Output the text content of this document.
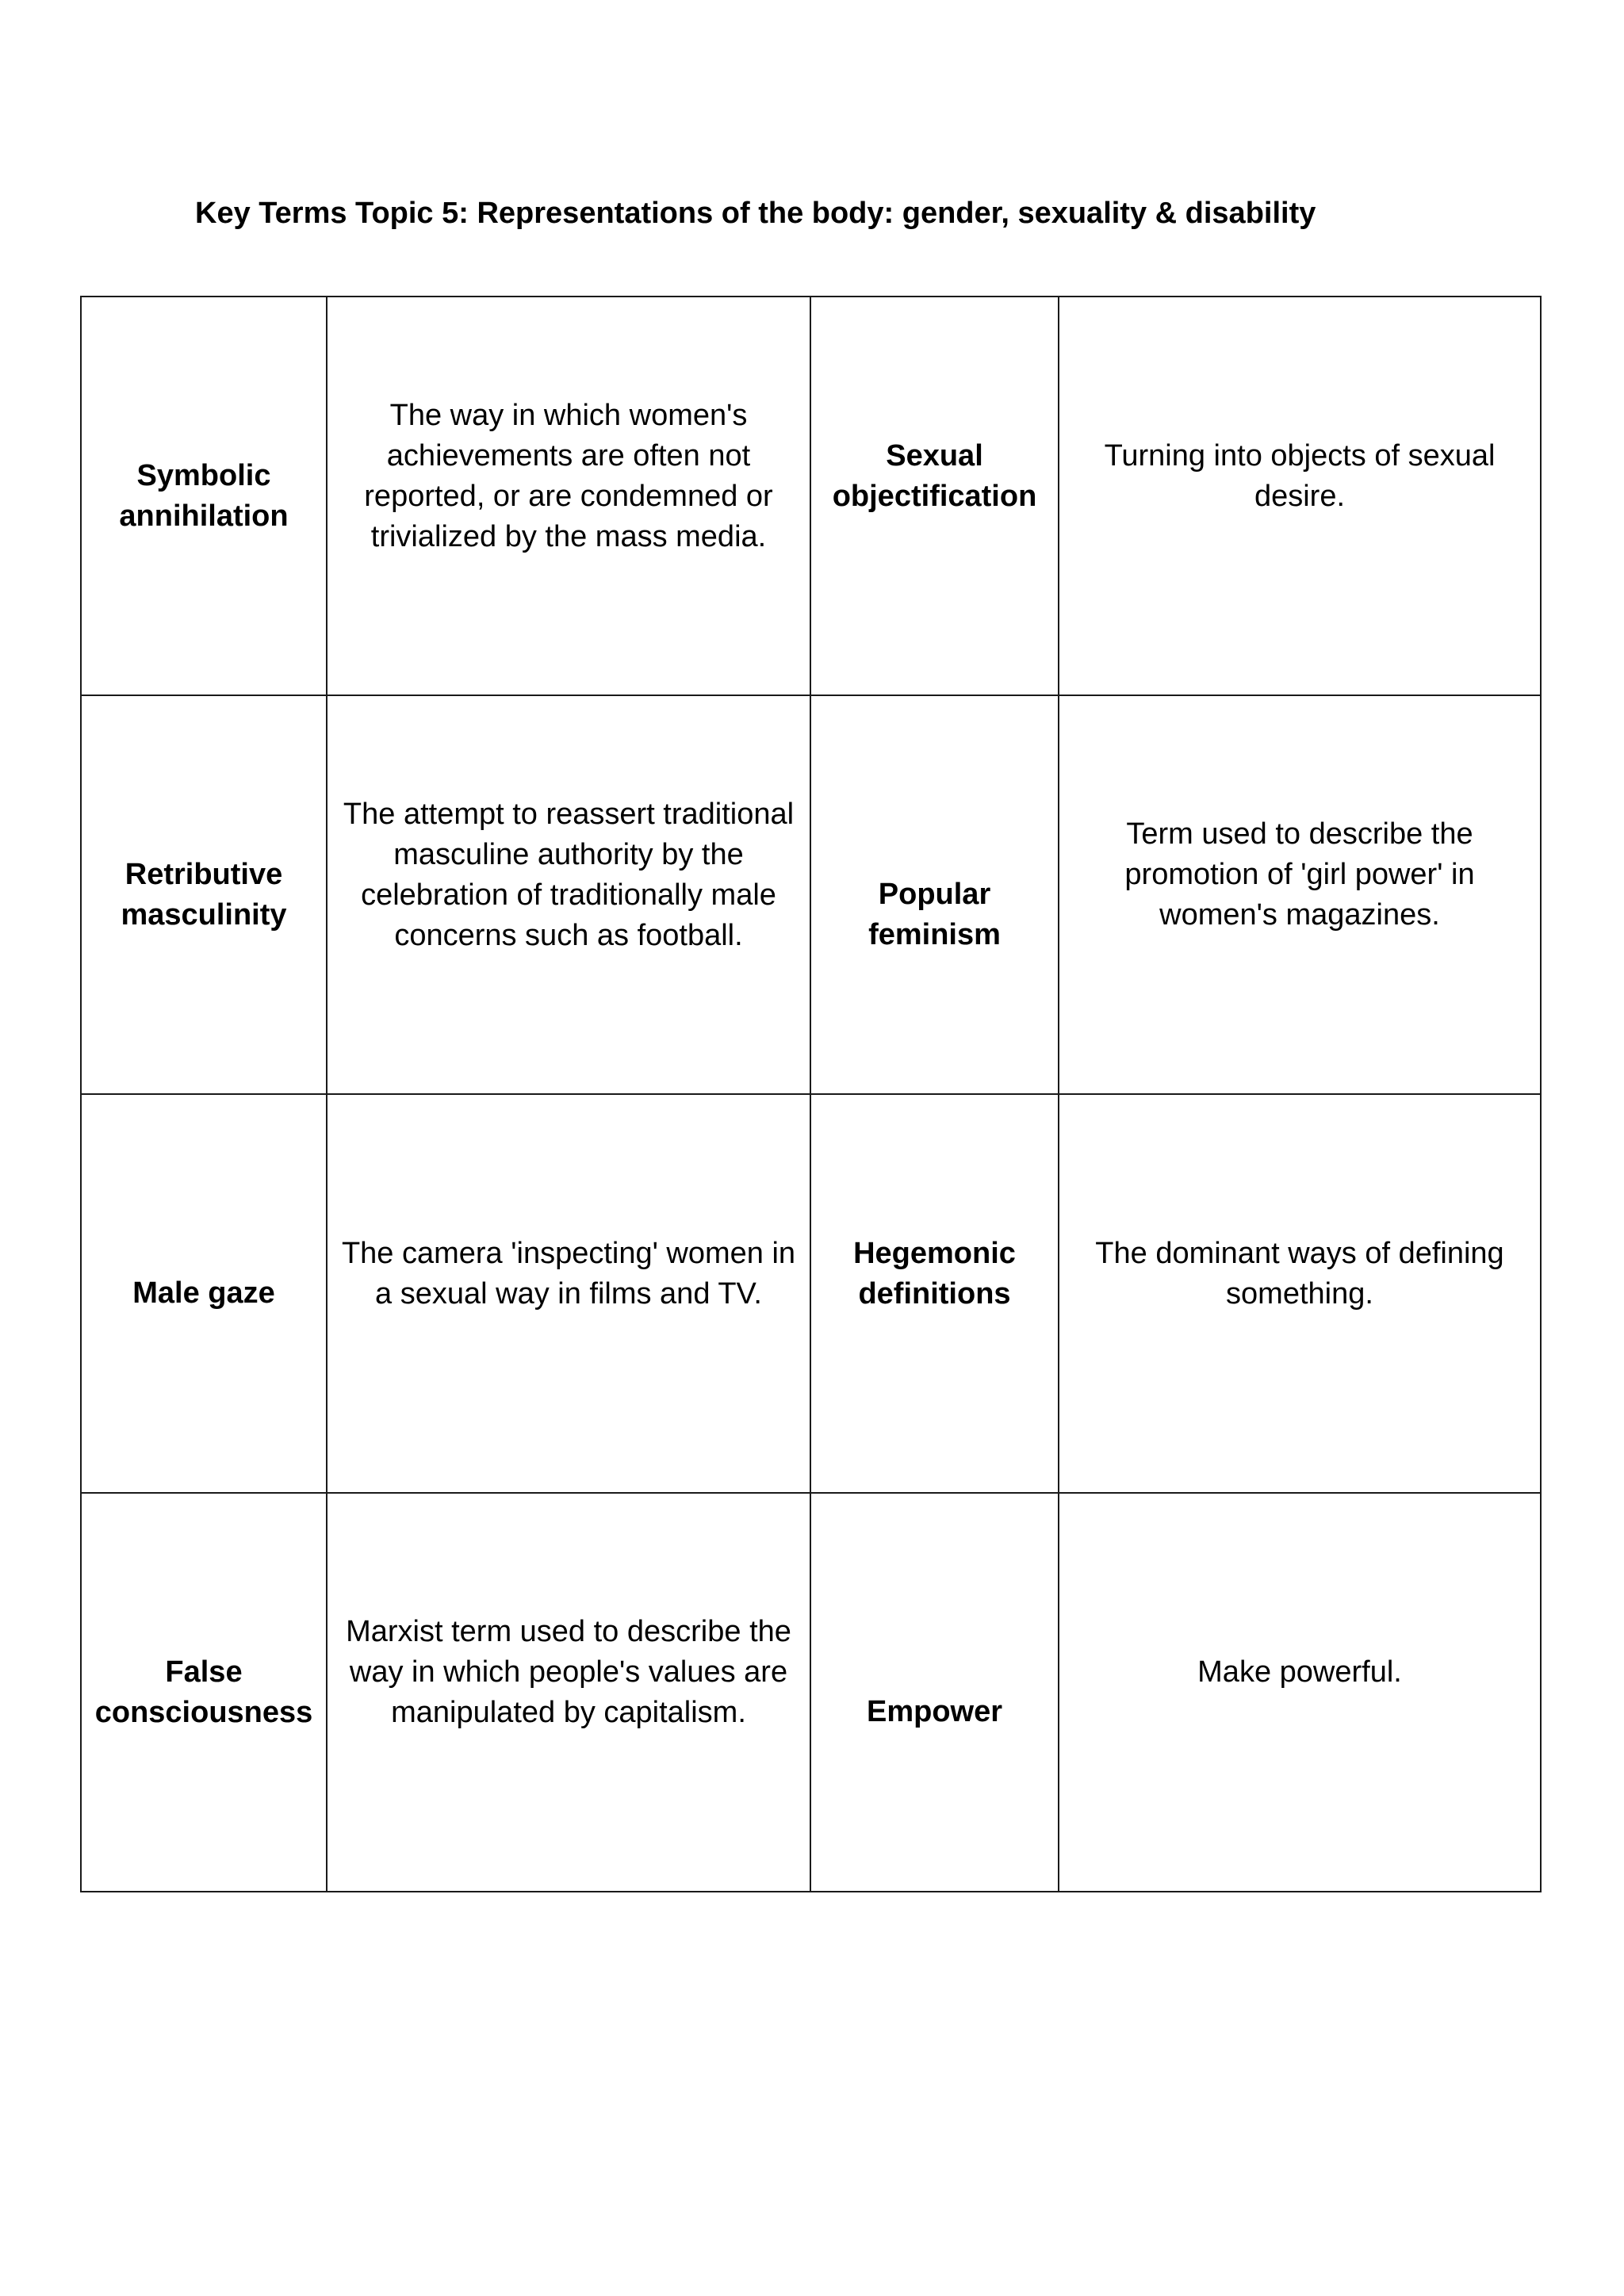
Key Terms Topic 5: Representations of the body: gender, sexuality & disability
Symbolic annihilation	The way in which women's achievements are often not reported, or are condemned or trivialized by the mass media.	Sexual objectification	Turning into objects of sexual desire.
Retributive masculinity	The attempt to reassert traditional masculine authority by the celebration of traditionally male concerns such as football.	Popular feminism	Term used to describe the promotion of 'girl power' in women's magazines.
Male gaze	The camera 'inspecting' women in a sexual way in films and TV.	Hegemonic definitions	The dominant ways of defining something.
False consciousness	Marxist term used to describe the way in which people's values are manipulated by capitalism.	Empower	Make powerful.
